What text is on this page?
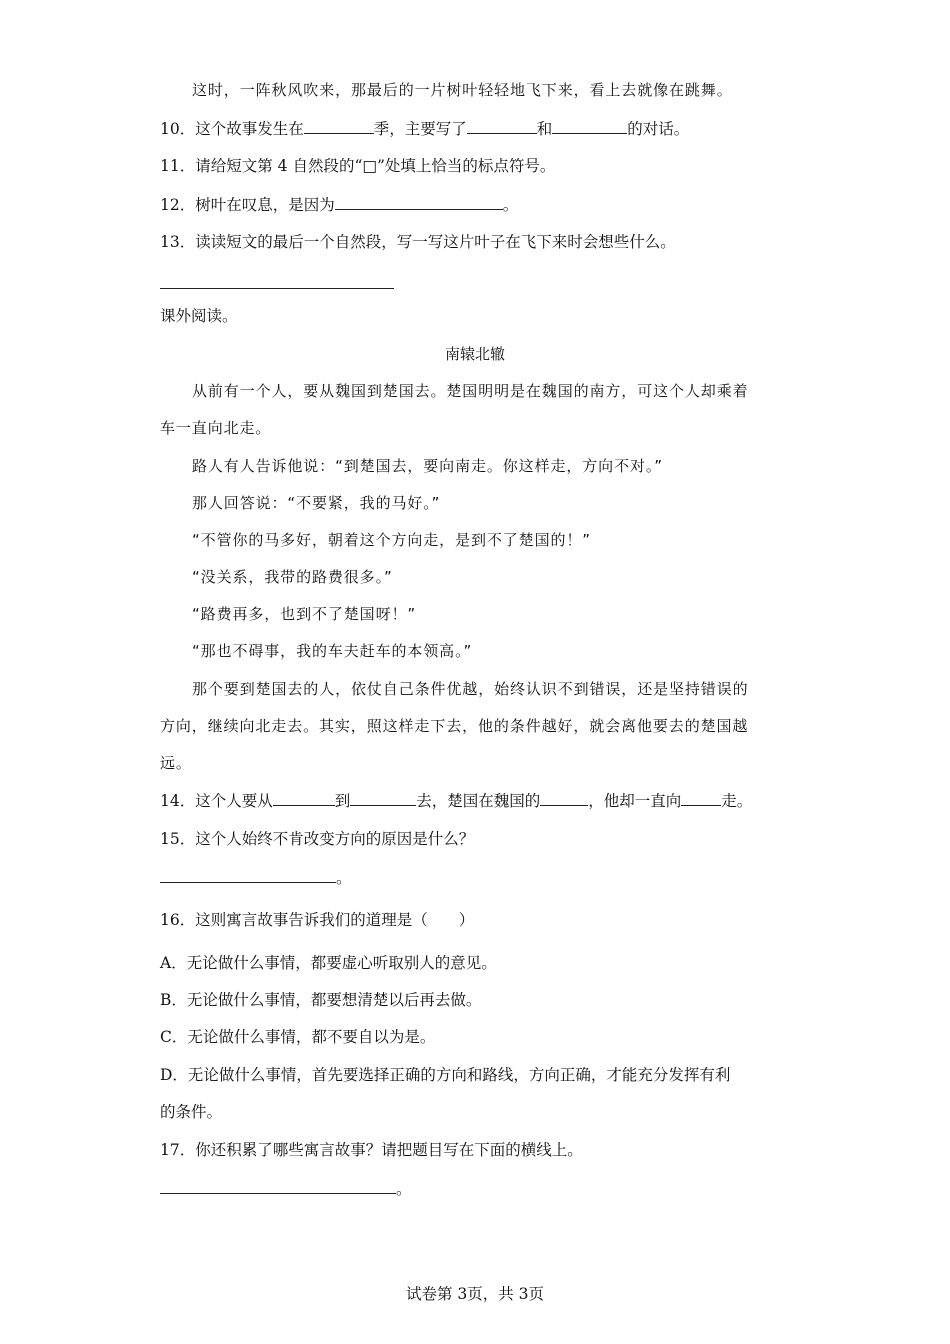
这时，一阵秋风吹来，那最后的一片树叶轻轻地飞下来，看上去就像在跳舞。
10．这个故事发生在	季，主要写了	和	的对话。
11．请给短文第 4 自然段的“□”处填上恰当的标点符号。
12．树叶在叹息，是因为	。
13．读读短文的最后一个自然段，写一写这片叶子在飞下来时会想些什么。
课外阅读。
南辕北辙
从前有一个人，要从魏国到楚国去。楚国明明是在魏国的南方，可这个人却乘着
车一直向北走。
路人有人告诉他说：“到楚国去，要向南走。你这样走，方向不对。”
那人回答说：“不要紧，我的马好。”
“不管你的马多好，朝着这个方向走，是到不了楚国的！”
“没关系，我带的路费很多。”
“路费再多，也到不了楚国呀！”
“那也不碍事，我的车夫赶车的本领高。”
那个要到楚国去的人，依仗自己条件优越，始终认识不到错误，还是坚持错误的
方向，继续向北走去。其实，照这样走下去，他的条件越好，就会离他要去的楚国越
远。
14．这个人要从	到	去，楚国在魏国的	，他却一直向	走。
15．这个人始终不肯改变方向的原因是什么？
。
16．这则寓言故事告诉我们的道理是（　　）
A．无论做什么事情，都要虚心听取别人的意见。
B．无论做什么事情，都要想清楚以后再去做。
C．无论做什么事情，都不要自以为是。
D．无论做什么事情，首先要选择正确的方向和路线，方向正确，才能充分发挥有利
的条件。
17．你还积累了哪些寓言故事？请把题目写在下面的横线上。
。
试卷第 3页，共 3页
